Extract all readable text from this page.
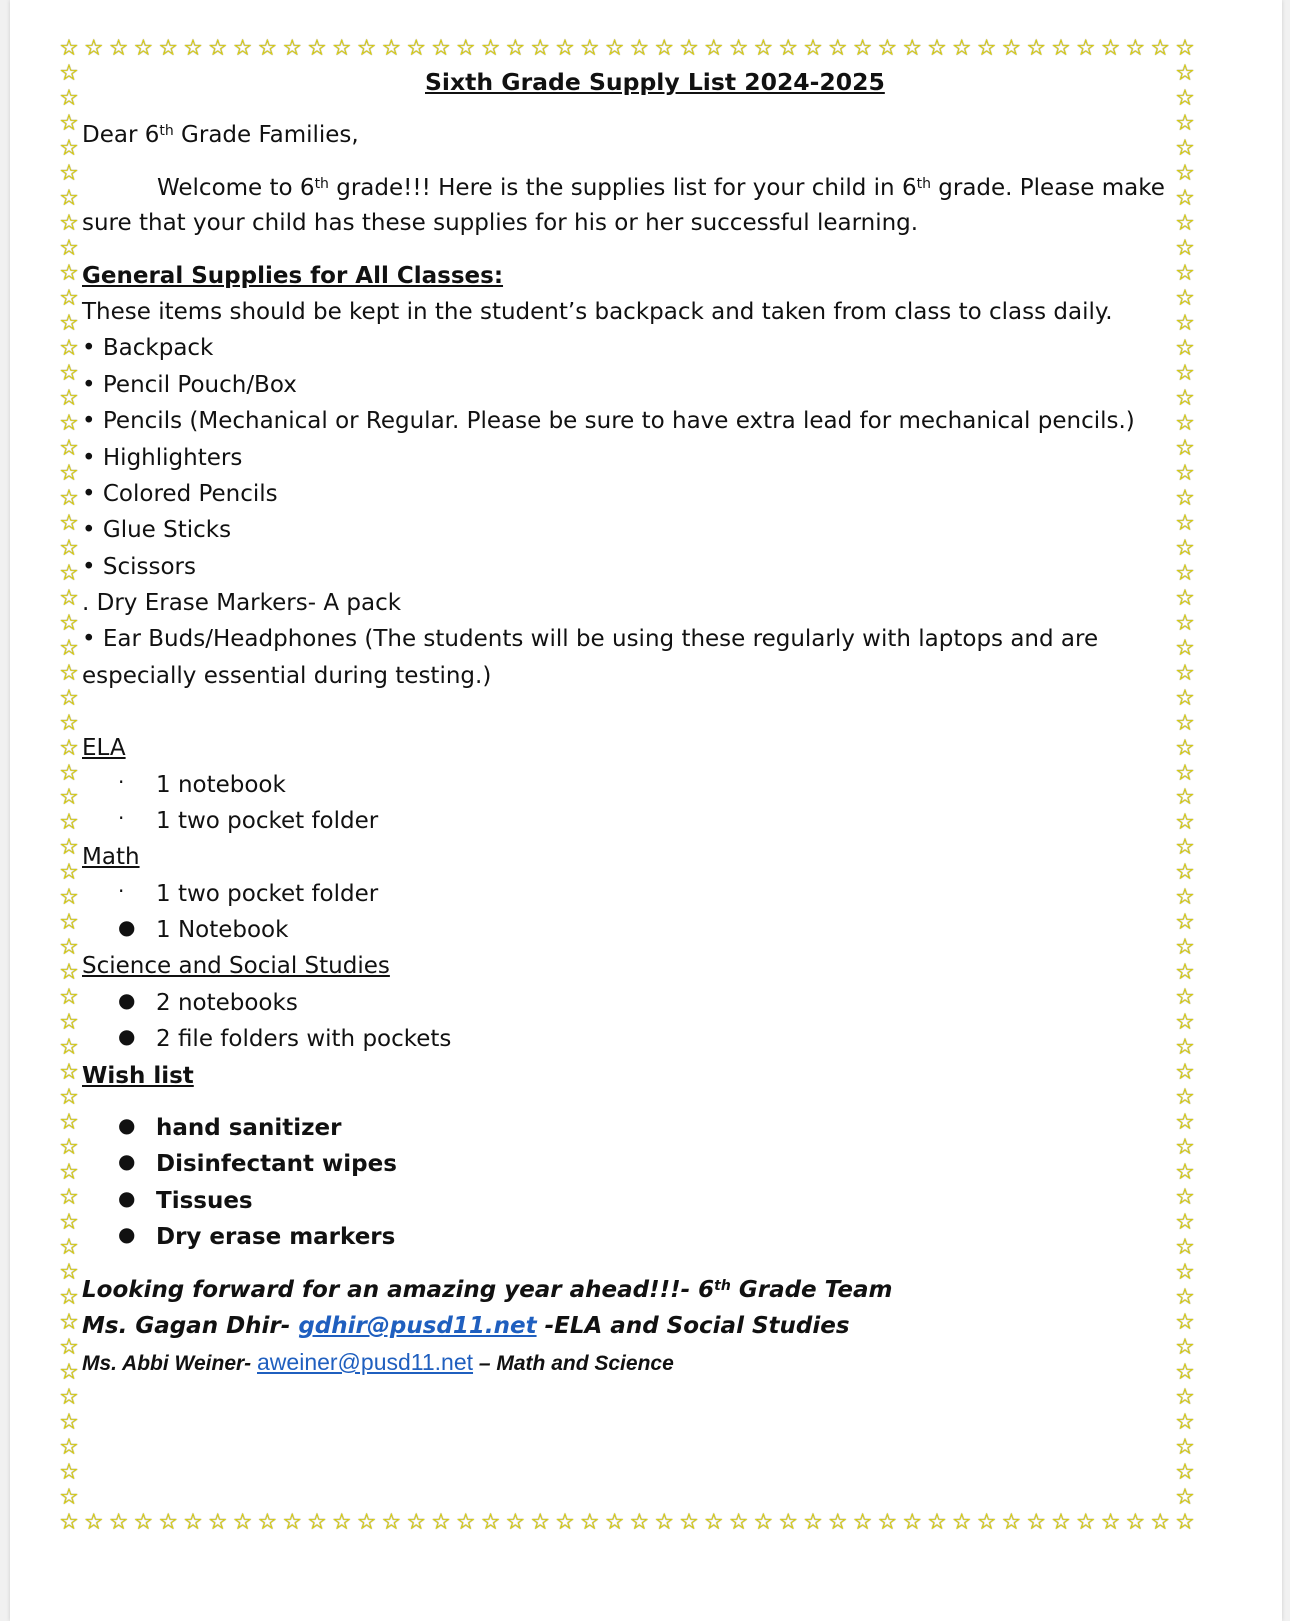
☆
☆
☆
☆
☆
☆
☆
☆
☆
☆
☆
☆
☆
☆
☆
☆
☆
☆
☆
☆
☆
☆
☆
☆
☆
☆
☆
☆
☆
☆
☆
☆
☆
☆
☆
☆
☆
☆
☆
☆
☆
☆
☆
☆
☆
☆
☆
☆
☆
☆
☆
☆
☆
☆
☆
☆
☆
☆
☆
☆
☆
☆
☆
☆
☆
☆
☆
☆
☆
☆
☆
☆
☆
☆
☆
☆
☆
☆
☆
☆
☆
☆
☆
☆
☆
☆
☆
☆
☆
☆
☆
☆
☆	☆
☆	☆
☆	☆
☆	☆
☆	☆
☆	☆
☆	☆
☆	☆
☆	☆
☆	☆
☆	☆
☆	☆
☆	☆
☆	☆
☆	☆
☆	☆
☆	☆
☆	☆
☆	☆
☆	☆
☆	☆
☆	☆
☆	☆
☆	☆
☆	☆
☆	☆
☆	☆
☆	☆
☆	☆
☆	☆
☆	☆
☆	☆
☆	☆
☆	☆
☆	☆
☆	☆
☆	☆
☆	☆
☆	☆
☆	☆
☆	☆
☆	☆
☆	☆
☆	☆
☆	☆
☆	☆
☆	☆
☆	☆
☆	☆
☆	☆
☆	☆
☆	☆
☆	☆
☆	☆
☆	☆
☆	☆
☆	☆
☆	☆
Sixth Grade Supply List 2024-2025
Dear 6th Grade Families,
Welcome to 6th grade!!! Here is the supplies list for your child in 6th grade. Please make
sure that your child has these supplies for his or her successful learning.
General Supplies for All Classes:
These items should be kept in the student’s backpack and taken from class to class daily.
• Backpack
• Pencil Pouch/Box
• Pencils (Mechanical or Regular. Please be sure to have extra lead for mechanical pencils.)
• Highlighters
• Colored Pencils
• Glue Sticks
• Scissors
. Dry Erase Markers- A pack
• Ear Buds/Headphones (The students will be using these regularly with laptops and are
especially essential during testing.)
ELA
· 1 notebook
· 1 two pocket folder
Math
· 1 two pocket folder
● 1 Notebook
Science and Social Studies
● 2 notebooks
● 2 file folders with pockets
Wish list
● hand sanitizer
● Disinfectant wipes
● Tissues
● Dry erase markers
Looking forward for an amazing year ahead!!!- 6th Grade Team
Ms. Gagan Dhir- gdhir@pusd11.net -ELA and Social Studies
Ms. Abbi Weiner- aweiner@pusd11.net – Math and Science
